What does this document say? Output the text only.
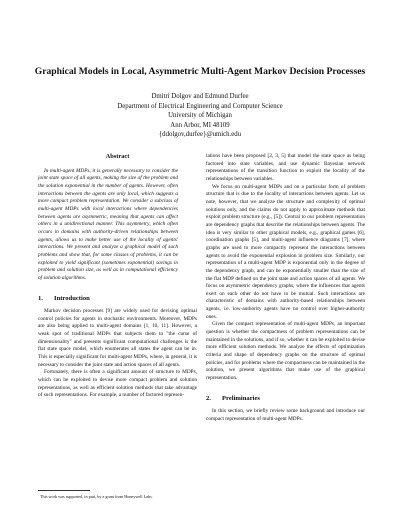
Graphical Models in Local, Asymmetric Multi-Agent Markov Decision Processes
Dmitri Dolgov and Edmund Durfee
Department of Electrical Engineering and Computer Science
University of Michigan
Ann Arbor, MI 48109
{ddolgov,durfee}@umich.edu
Abstract

In multi-agent MDPs, it is generally necessary to consider the joint state space of all agents, making the size of the problem and the solution exponential in the number of agents. However, often interactions between the agents are only local, which suggests a more compact problem representation. We consider a subclass of multi-agent MDPs with local interactions where dependencies between agents are asymmetric, meaning that agents can affect others in a unidirectional manner. This asymmetry, which often occurs in domains with authority-driven relationships between agents, allows us to make better use of the locality of agents' interactions. We present and analyze a graphical model of such problems and show that, for some classes of problems, it can be exploited to yield significant (sometimes exponential) savings in problem and solution size, as well as in computational efficiency of solution algorithms.

1. Introduction

Markov decision processes [9] are widely used for devising optimal control policies for agents in stochastic environments. Moreover, MDPs are also being applied to multi-agent domains [1, 10, 11]. However, a weak spot of traditional MDPs that subjects them to "the curse of dimensionality" and presents significant computational challenges is the flat state space model, which enumerates all states the agent can be in. This is especially significant for multi-agent MDPs, where, in general, it is necessary to consider the joint state and action spaces of all agents.

Fortunately, there is often a significant amount of structure to MDPs, which can be exploited to devise more compact problem and solution representations, as well as efficient solution methods that take advantage of such representations. For example, a number of factored represen-

tations have been proposed [2, 3, 5] that model the state space as being factored into state variables, and use dynamic Bayesian network representations of the transition function to exploit the locality of the relationships between variables.

We focus on multi-agent MDPs and on a particular form of problem structure that is due to the locality of interactions between agents. Let us note, however, that we analyze the structure and complexity of optimal solutions only, and the claims do not apply to approximate methods that exploit problem structure (e.g., [5]). Central to our problem representation are dependency graphs that describe the relationships between agents. The idea is very similar to other graphical models, e.g., graphical games [6], coordination graphs [5], and multi-agent influence diagrams [7], where graphs are used to more compactly represent the interactions between agents to avoid the exponential explosion in problem size. Similarly, our representation of a multi-agent MDP is exponential only in the degree of the dependency graph, and can be exponentially smaller than the size of the flat MDP defined on the joint state and action spaces of all agents. We focus on asymmetric dependency graphs, where the influences that agents exert on each other do not have to be mutual. Such interactions are characteristic of domains with authority-based relationships between agents, i.e. low-authority agents have no control over higher-authority ones.

Given the compact representation of multi-agent MDPs, an important question is whether the compactness of problem representations can be maintained in the solutions, and if so, whether it can be exploited to devise more efficient solution methods. We analyze the effects of optimization criteria and shape of dependency graphs on the structure of optimal policies, and for problems where the compactness can be maintained in the solution, we present algorithms that make use of the graphical representation.

2. Preliminaries

In this section, we briefly review some background and introduce our compact representation of multi-agent MDPs.

This work was supported, in part, by a grant from Honeywell Labs.
